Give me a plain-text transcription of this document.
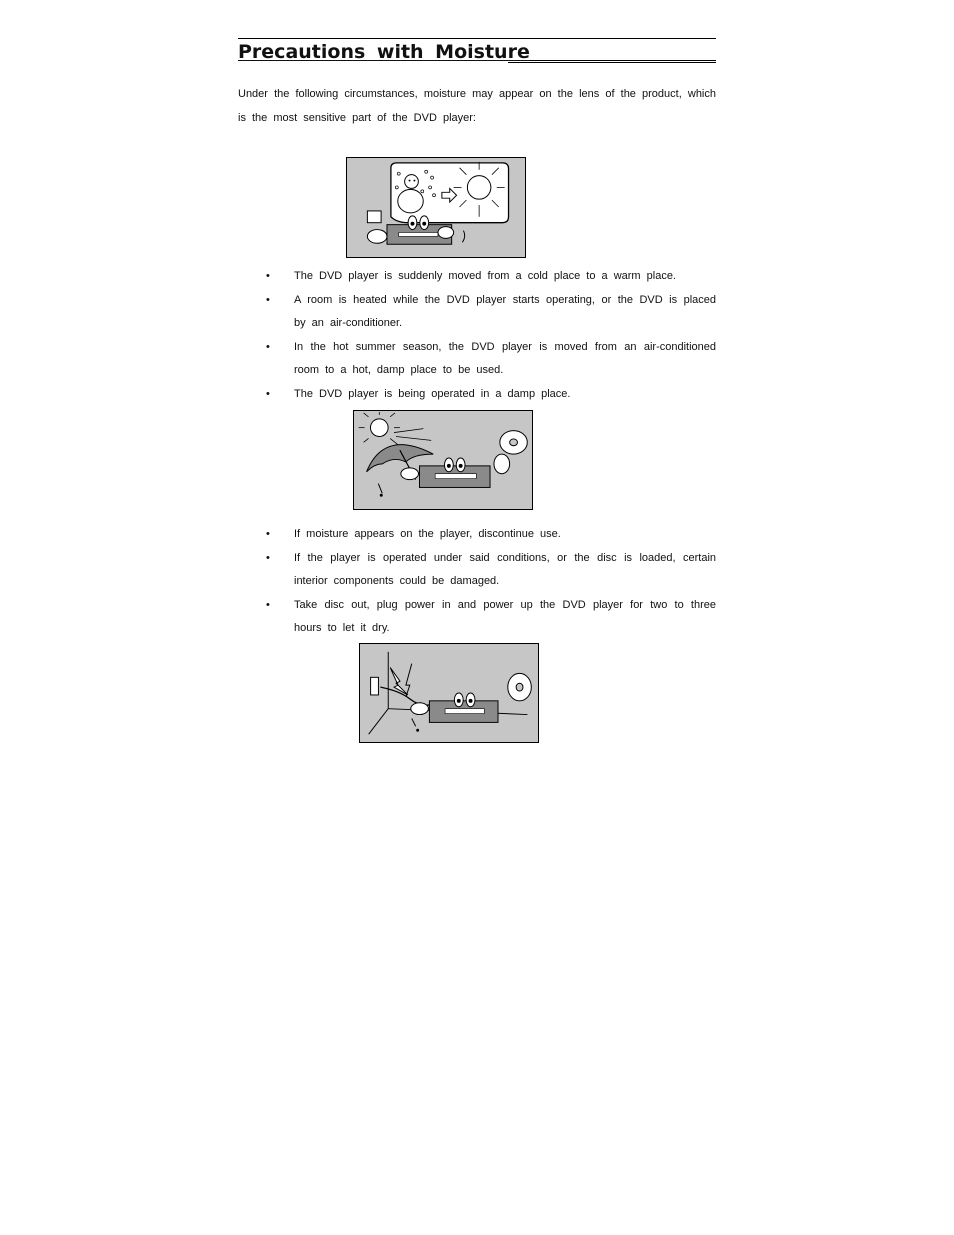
Precautions with Moisture

Under the following circumstances, moisture may appear on the lens of the product, which is the most sensitive part of the DVD player:

• The DVD player is suddenly moved from a cold place to a warm place.
• A room is heated while the DVD player starts operating, or the DVD is placed by an air-conditioner.
• In the hot summer season, the DVD player is moved from an air-conditioned room to a hot, damp place to be used.
• The DVD player is being operated in a damp place.
• If moisture appears on the player, discontinue use.
• If the player is operated under said conditions, or the disc is loaded, certain interior components could be damaged.
• Take disc out, plug power in and power up the DVD player for two to three hours to let it dry.
